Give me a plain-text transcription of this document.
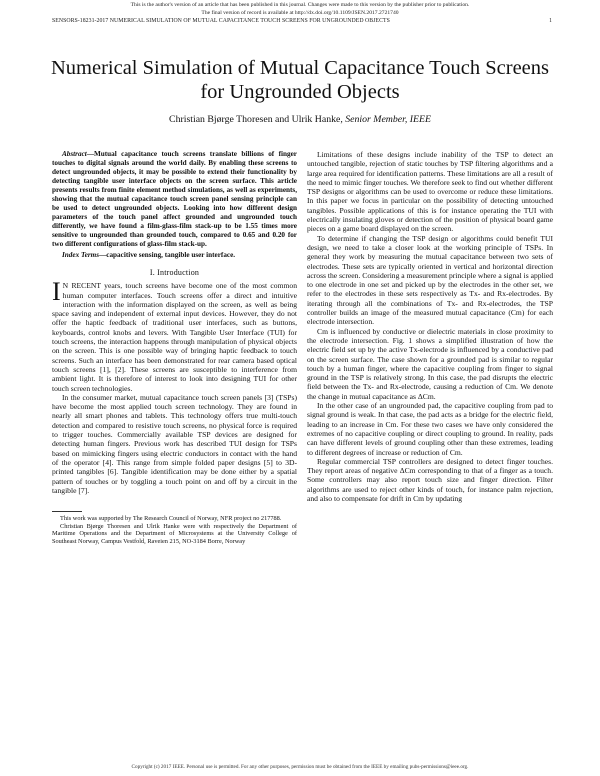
This is the author's version of an article that has been published in this journal. Changes were made to this version by the publisher prior to publication.
The final version of record is available at http://dx.doi.org/10.1109/JSEN.2017.2721740
SENSORS-18231-2017 NUMERICAL SIMULATION OF MUTUAL CAPACITANCE TOUCH SCREENS FOR UNGROUNDED OBJECTS	1
Numerical Simulation of Mutual Capacitance Touch Screens for Ungrounded Objects
Christian Bjørge Thoresen and Ulrik Hanke, Senior Member, IEEE

Abstract—Mutual capacitance touch screens translate billions of finger touches to digital signals around the world daily. By enabling these screens to detect ungrounded objects, it may be possible to extend their functionality by detecting tangible user interface objects on the screen surface. This article presents results from finite element method simulations, as well as experiments, showing that the mutual capacitance touch screen panel sensing principle can be used to detect ungrounded objects. Looking into how different design parameters of the touch panel affect grounded and ungrounded touch differently, we have found a film-glass-film stack-up to be 1.55 times more sensitive to ungrounded than grounded touch, compared to 0.65 and 0.20 for two different configurations of glass-film stack-up.

Index Terms—capacitive sensing, tangible user interface.

I. Introduction

I N RECENT years, touch screens have become one of the most common human computer interfaces. Touch screens offer a direct and intuitive interaction with the information displayed on the screen, as well as being space saving and independent of external input devices. However, they do not offer the haptic feedback of traditional user interfaces, such as buttons, keyboards, control knobs and levers. With Tangible User Interface (TUI) for touch screens, the interaction happens through manipulation of physical objects on the screen. This is one possible way of bringing haptic feedback to touch screens. Such an interface has been demonstrated for rear camera based optical touch screens [1], [2]. These screens are susceptible to interference from ambient light. It is therefore of interest to look into designing TUI for other touch screen technologies.

In the consumer market, mutual capacitance touch screen panels [3] (TSPs) have become the most applied touch screen technology. They are found in nearly all smart phones and tablets. This technology offers true multi-touch detection and compared to resistive touch screens, no physical force is required to trigger touches. Commercially available TSP devices are designed for detecting human fingers. Previous work has described TUI design for TSPs based on mimicking fingers using electric conductors in contact with the hand of the operator [4]. This range from simple folded paper designs [5] to 3D-printed tangibles [6]. Tangible identification may be done either by a spatial pattern of touches or by toggling a touch point on and off by a circuit in the tangible [7].

This work was supported by The Research Council of Norway, NFR project no 217788.

Christian Bjørge Thoresen and Ulrik Hanke were with respectively the Department of Maritime Operations and the Department of Microsystems at the University College of Southeast Norway, Campus Vestfold, Raveien 215, NO-3184 Borre, Norway

Limitations of these designs include inability of the TSP to detect an untouched tangible, rejection of static touches by TSP filtering algorithms and a large area required for identification patterns. These limitations are all a result of the need to mimic finger touches. We therefore seek to find out whether different TSP designs or algorithms can be used to overcome or reduce these limitations. In this paper we focus in particular on the possibility of detecting untouched tangibles. Possible applications of this is for instance operating the TUI with electrically insulating gloves or detection of the position of physical board game pieces on a game board displayed on the screen.

To determine if changing the TSP design or algorithms could benefit TUI design, we need to take a closer look at the working principle of TSPs. In general they work by measuring the mutual capacitance between two sets of electrodes. These sets are typically oriented in vertical and horizontal direction across the screen. Considering a measurement principle where a signal is applied to one electrode in one set and picked up by the electrodes in the other set, we refer to the electrodes in these sets respectively as Tx- and Rx-electrodes. By iterating through all the combinations of Tx- and Rx-electrodes, the TSP controller builds an image of the measured mutual capacitance (Cm) for each electrode intersection.

Cm is influenced by conductive or dielectric materials in close proximity to the electrode intersection. Fig. 1 shows a simplified illustration of how the electric field set up by the active Tx-electrode is influenced by a conductive pad on the screen surface. The case shown for a grounded pad is similar to regular touch by a human finger, where the capacitive coupling from finger to signal ground in the TSP is relatively strong. In this case, the pad disrupts the electric field between the Tx- and Rx-electrode, causing a reduction of Cm. We denote the change in mutual capacitance as ΔCm.

In the other case of an ungrounded pad, the capacitive coupling from pad to signal ground is weak. In that case, the pad acts as a bridge for the electric field, leading to an increase in Cm. For these two cases we have only considered the extremes of no capacitive coupling or direct coupling to ground. In reality, pads can have different levels of ground coupling other than these extremes, leading to different degrees of increase or reduction of Cm.

Regular commercial TSP controllers are designed to detect finger touches. They report areas of negative ΔCm corresponding to that of a finger as a touch. Some controllers may also report touch size and finger direction. Filter algorithms are used to reject other kinds of touch, for instance palm rejection, and also to compensate for drift in Cm by updating

Copyright (c) 2017 IEEE. Personal use is permitted. For any other purposes, permission must be obtained from the IEEE by emailing pubs-permissions@ieee.org.
